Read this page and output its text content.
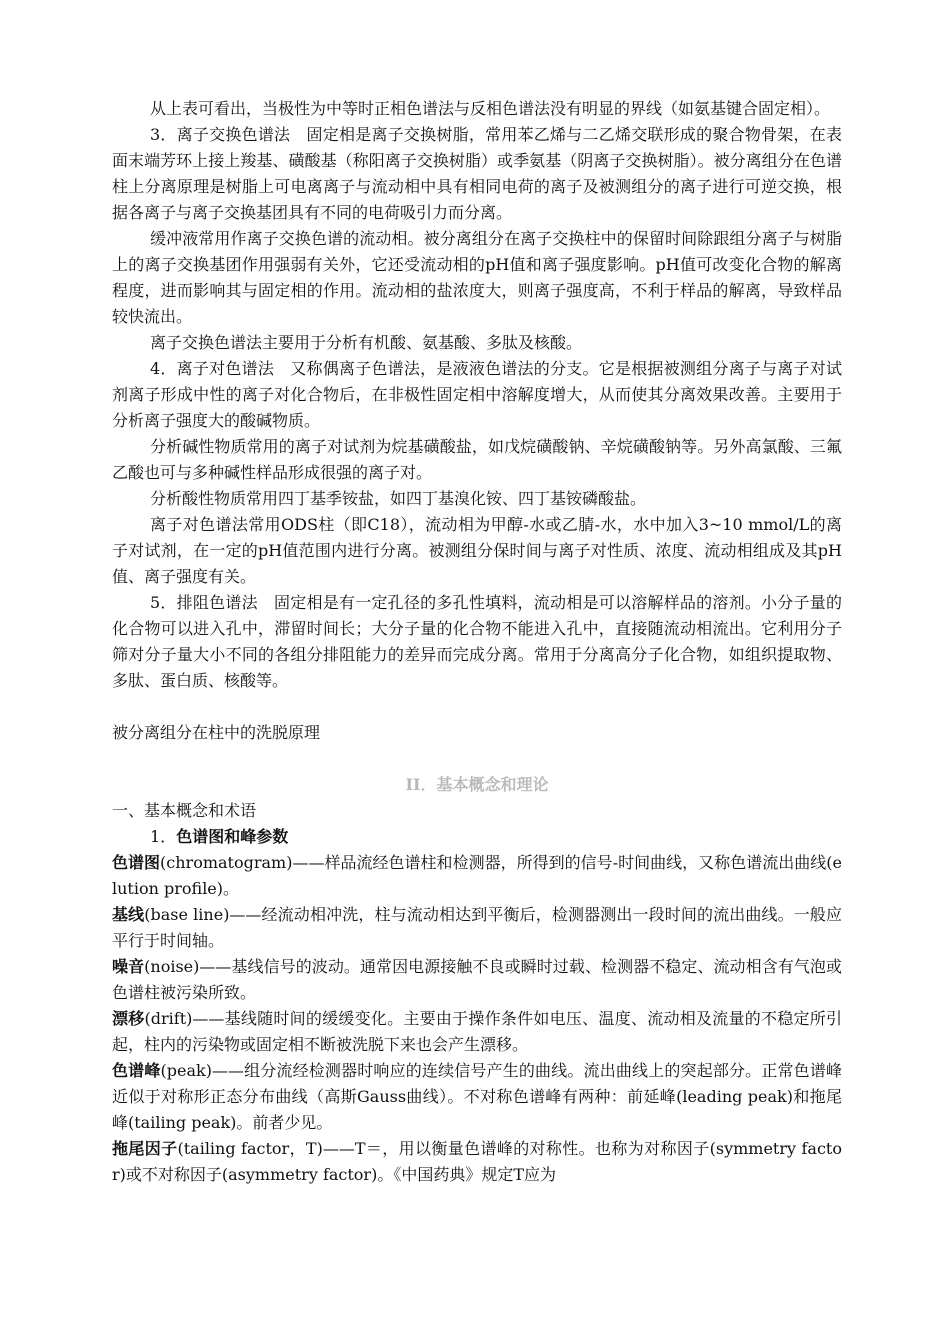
从上表可看出，当极性为中等时正相色谱法与反相色谱法没有明显的界线（如氨基键合固定相）。

3．离子交换色谱法　固定相是离子交换树脂，常用苯乙烯与二乙烯交联形成的聚合物骨架，在表面末端芳环上接上羧基、磺酸基（称阳离子交换树脂）或季氨基（阴离子交换树脂）。被分离组分在色谱柱上分离原理是树脂上可电离离子与流动相中具有相同电荷的离子及被测组分的离子进行可逆交换，根据各离子与离子交换基团具有不同的电荷吸引力而分离。

缓冲液常用作离子交换色谱的流动相。被分离组分在离子交换柱中的保留时间除跟组分离子与树脂上的离子交换基团作用强弱有关外，它还受流动相的pH值和离子强度影响。pH值可改变化合物的解离程度，进而影响其与固定相的作用。流动相的盐浓度大，则离子强度高，不利于样品的解离，导致样品较快流出。

离子交换色谱法主要用于分析有机酸、氨基酸、多肽及核酸。

4．离子对色谱法　又称偶离子色谱法，是液液色谱法的分支。它是根据被测组分离子与离子对试剂离子形成中性的离子对化合物后，在非极性固定相中溶解度增大，从而使其分离效果改善。主要用于分析离子强度大的酸碱物质。

分析碱性物质常用的离子对试剂为烷基磺酸盐，如戊烷磺酸钠、辛烷磺酸钠等。另外高氯酸、三氟乙酸也可与多种碱性样品形成很强的离子对。

分析酸性物质常用四丁基季铵盐，如四丁基溴化铵、四丁基铵磷酸盐。

离子对色谱法常用ODS柱（即C18），流动相为甲醇-水或乙腈-水，水中加入3~10 mmol/L的离子对试剂，在一定的pH值范围内进行分离。被测组分保时间与离子对性质、浓度、流动相组成及其pH值、离子强度有关。

5．排阻色谱法　固定相是有一定孔径的多孔性填料，流动相是可以溶解样品的溶剂。小分子量的化合物可以进入孔中，滞留时间长；大分子量的化合物不能进入孔中，直接随流动相流出。它利用分子筛对分子量大小不同的各组分排阻能力的差异而完成分离。常用于分离高分子化合物，如组织提取物、多肽、蛋白质、核酸等。

被分离组分在柱中的洗脱原理

II．基本概念和理论

一、基本概念和术语

1．色谱图和峰参数

色谱图(chromatogram)——样品流经色谱柱和检测器，所得到的信号-时间曲线，又称色谱流出曲线(elution profile)。

基线(base line)——经流动相冲洗，柱与流动相达到平衡后，检测器测出一段时间的流出曲线。一般应平行于时间轴。

噪音(noise)——基线信号的波动。通常因电源接触不良或瞬时过载、检测器不稳定、流动相含有气泡或色谱柱被污染所致。

漂移(drift)——基线随时间的缓缓变化。主要由于操作条件如电压、温度、流动相及流量的不稳定所引起，柱内的污染物或固定相不断被洗脱下来也会产生漂移。

色谱峰(peak)——组分流经检测器时响应的连续信号产生的曲线。流出曲线上的突起部分。正常色谱峰近似于对称形正态分布曲线（高斯Gauss曲线）。不对称色谱峰有两种：前延峰(leading peak)和拖尾峰(tailing peak)。前者少见。

拖尾因子(tailing factor，T)——T＝，用以衡量色谱峰的对称性。也称为对称因子(symmetry factor)或不对称因子(asymmetry factor)。《中国药典》规定T应为
